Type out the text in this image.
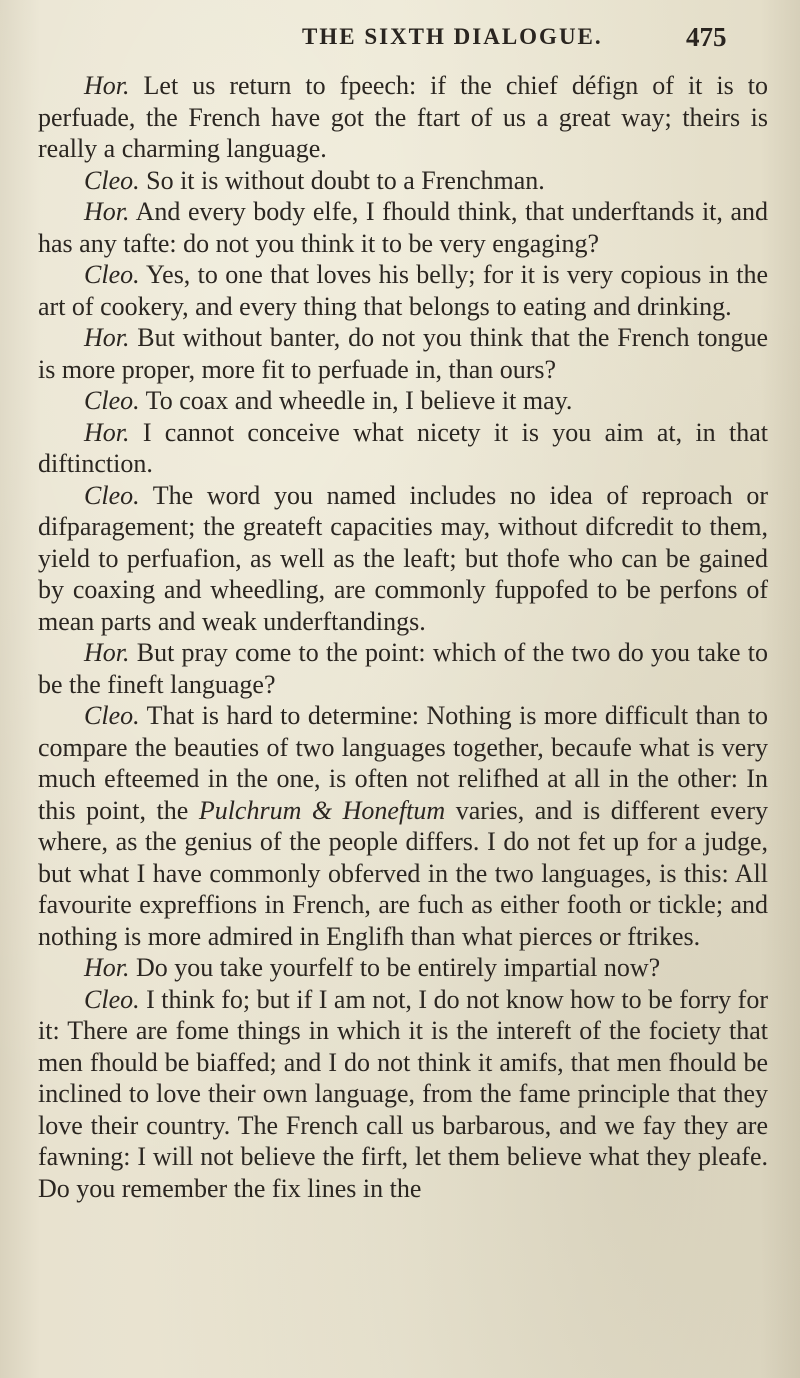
THE SIXTH DIALOGUE.	475

Hor. Let us return to fpeech: if the chief défign of it is to perfuade, the French have got the ftart of us a great way; theirs is really a charming language.

Cleo. So it is without doubt to a Frenchman.

Hor. And every body elfe, I fhould think, that underftands it, and has any tafte: do not you think it to be very engaging?

Cleo. Yes, to one that loves his belly; for it is very copious in the art of cookery, and every thing that belongs to eating and drinking.

Hor. But without banter, do not you think that the French tongue is more proper, more fit to perfuade in, than ours?

Cleo. To coax and wheedle in, I believe it may.

Hor. I cannot conceive what nicety it is you aim at, in that diftinction.

Cleo. The word you named includes no idea of reproach or difparagement; the greateft capacities may, without difcredit to them, yield to perfuafion, as well as the leaft; but thofe who can be gained by coaxing and wheedling, are commonly fuppofed to be perfons of mean parts and weak underftandings.

Hor. But pray come to the point: which of the two do you take to be the fineft language?

Cleo. That is hard to determine: Nothing is more difficult than to compare the beauties of two languages together, becaufe what is very much efteemed in the one, is often not relifhed at all in the other: In this point, the Pulchrum & Honeftum varies, and is different every where, as the genius of the people differs. I do not fet up for a judge, but what I have commonly obferved in the two languages, is this: All favourite expreffions in French, are fuch as either footh or tickle; and nothing is more admired in Englifh than what pierces or ftrikes.

Hor. Do you take yourfelf to be entirely impartial now?

Cleo. I think fo; but if I am not, I do not know how to be forry for it: There are fome things in which it is the intereft of the fociety that men fhould be biaffed; and I do not think it amifs, that men fhould be inclined to love their own language, from the fame principle that they love their country. The French call us barbarous, and we fay they are fawning: I will not believe the firft, let them believe what they pleafe. Do you remember the fix lines in the
